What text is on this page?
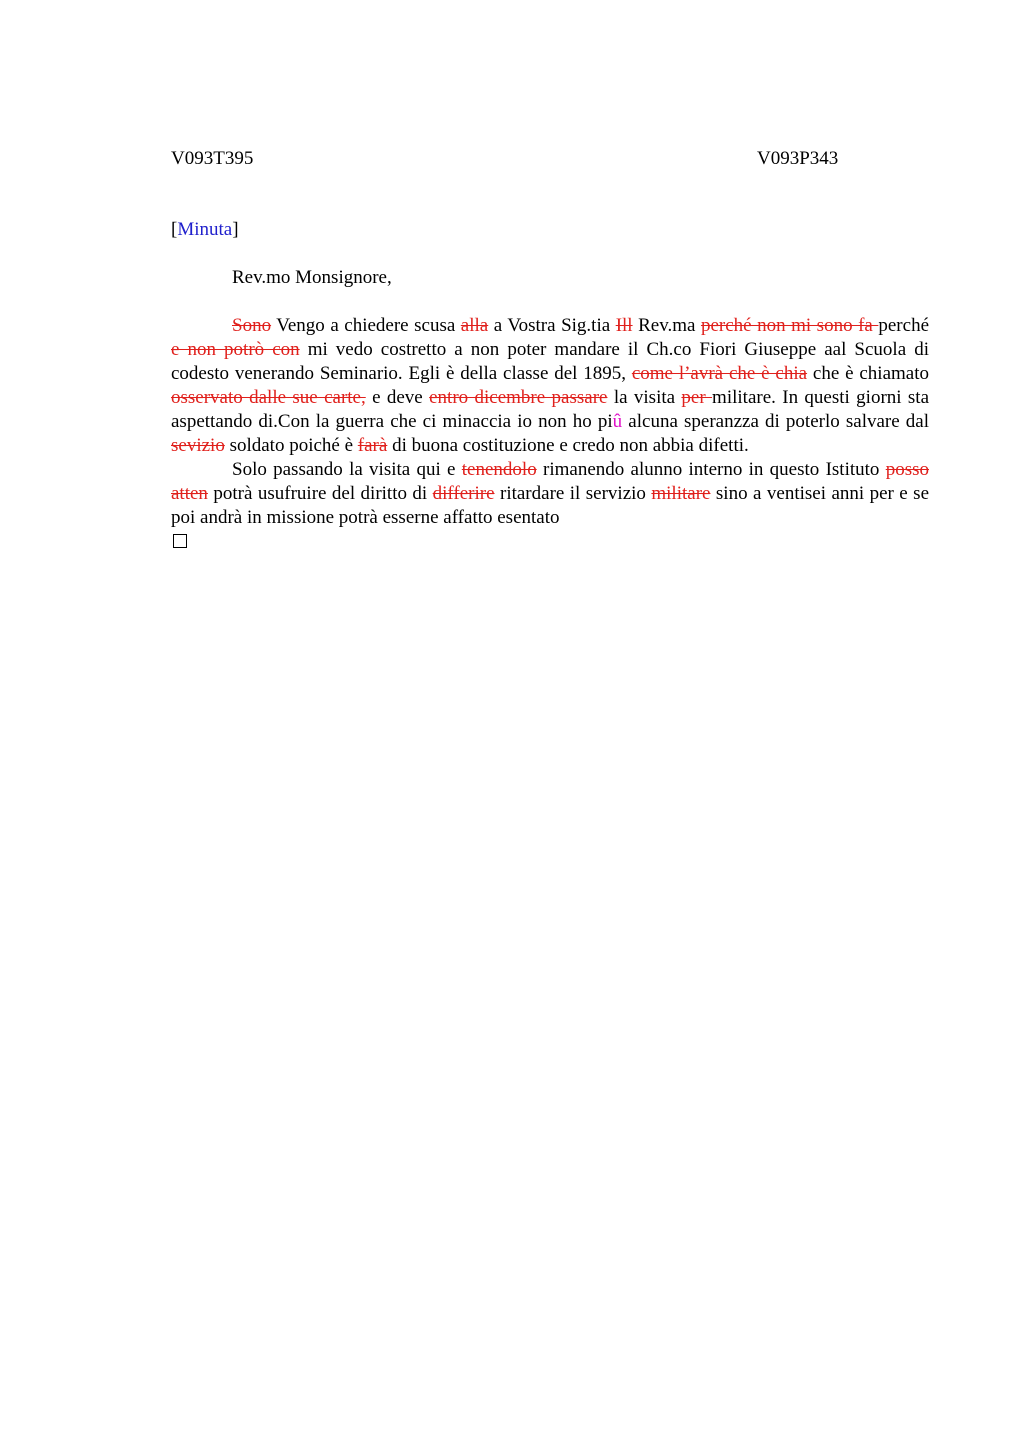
V093T395	V093P343
[Minuta]
Rev.mo Monsignore,

Sono Vengo a chiedere scusa alla a Vostra Sig.tia Ill Rev.ma perché non mi sono fa perché e non potrò con mi vedo costretto a non poter mandare il Ch.co Fiori Giuseppe aal Scuola di codesto venerando Seminario. Egli è della classe del 1895, come l’avrà che è chia che è chiamato osservato dalle sue carte, e deve entro dicembre passare la visita per militare. In questi giorni sta aspettando di.Con la guerra che ci minaccia io non ho piû alcuna speranzza di poterlo salvare dal sevizio soldato poiché è farà di buona costituzione e credo non abbia difetti.

Solo passando la visita qui e tenendolo rimanendo alunno interno in questo Istituto posso atten potrà usufruire del diritto di differire ritardare il servizio militare sino a ventisei anni per e se poi andrà in missione potrà esserne affatto esentato
